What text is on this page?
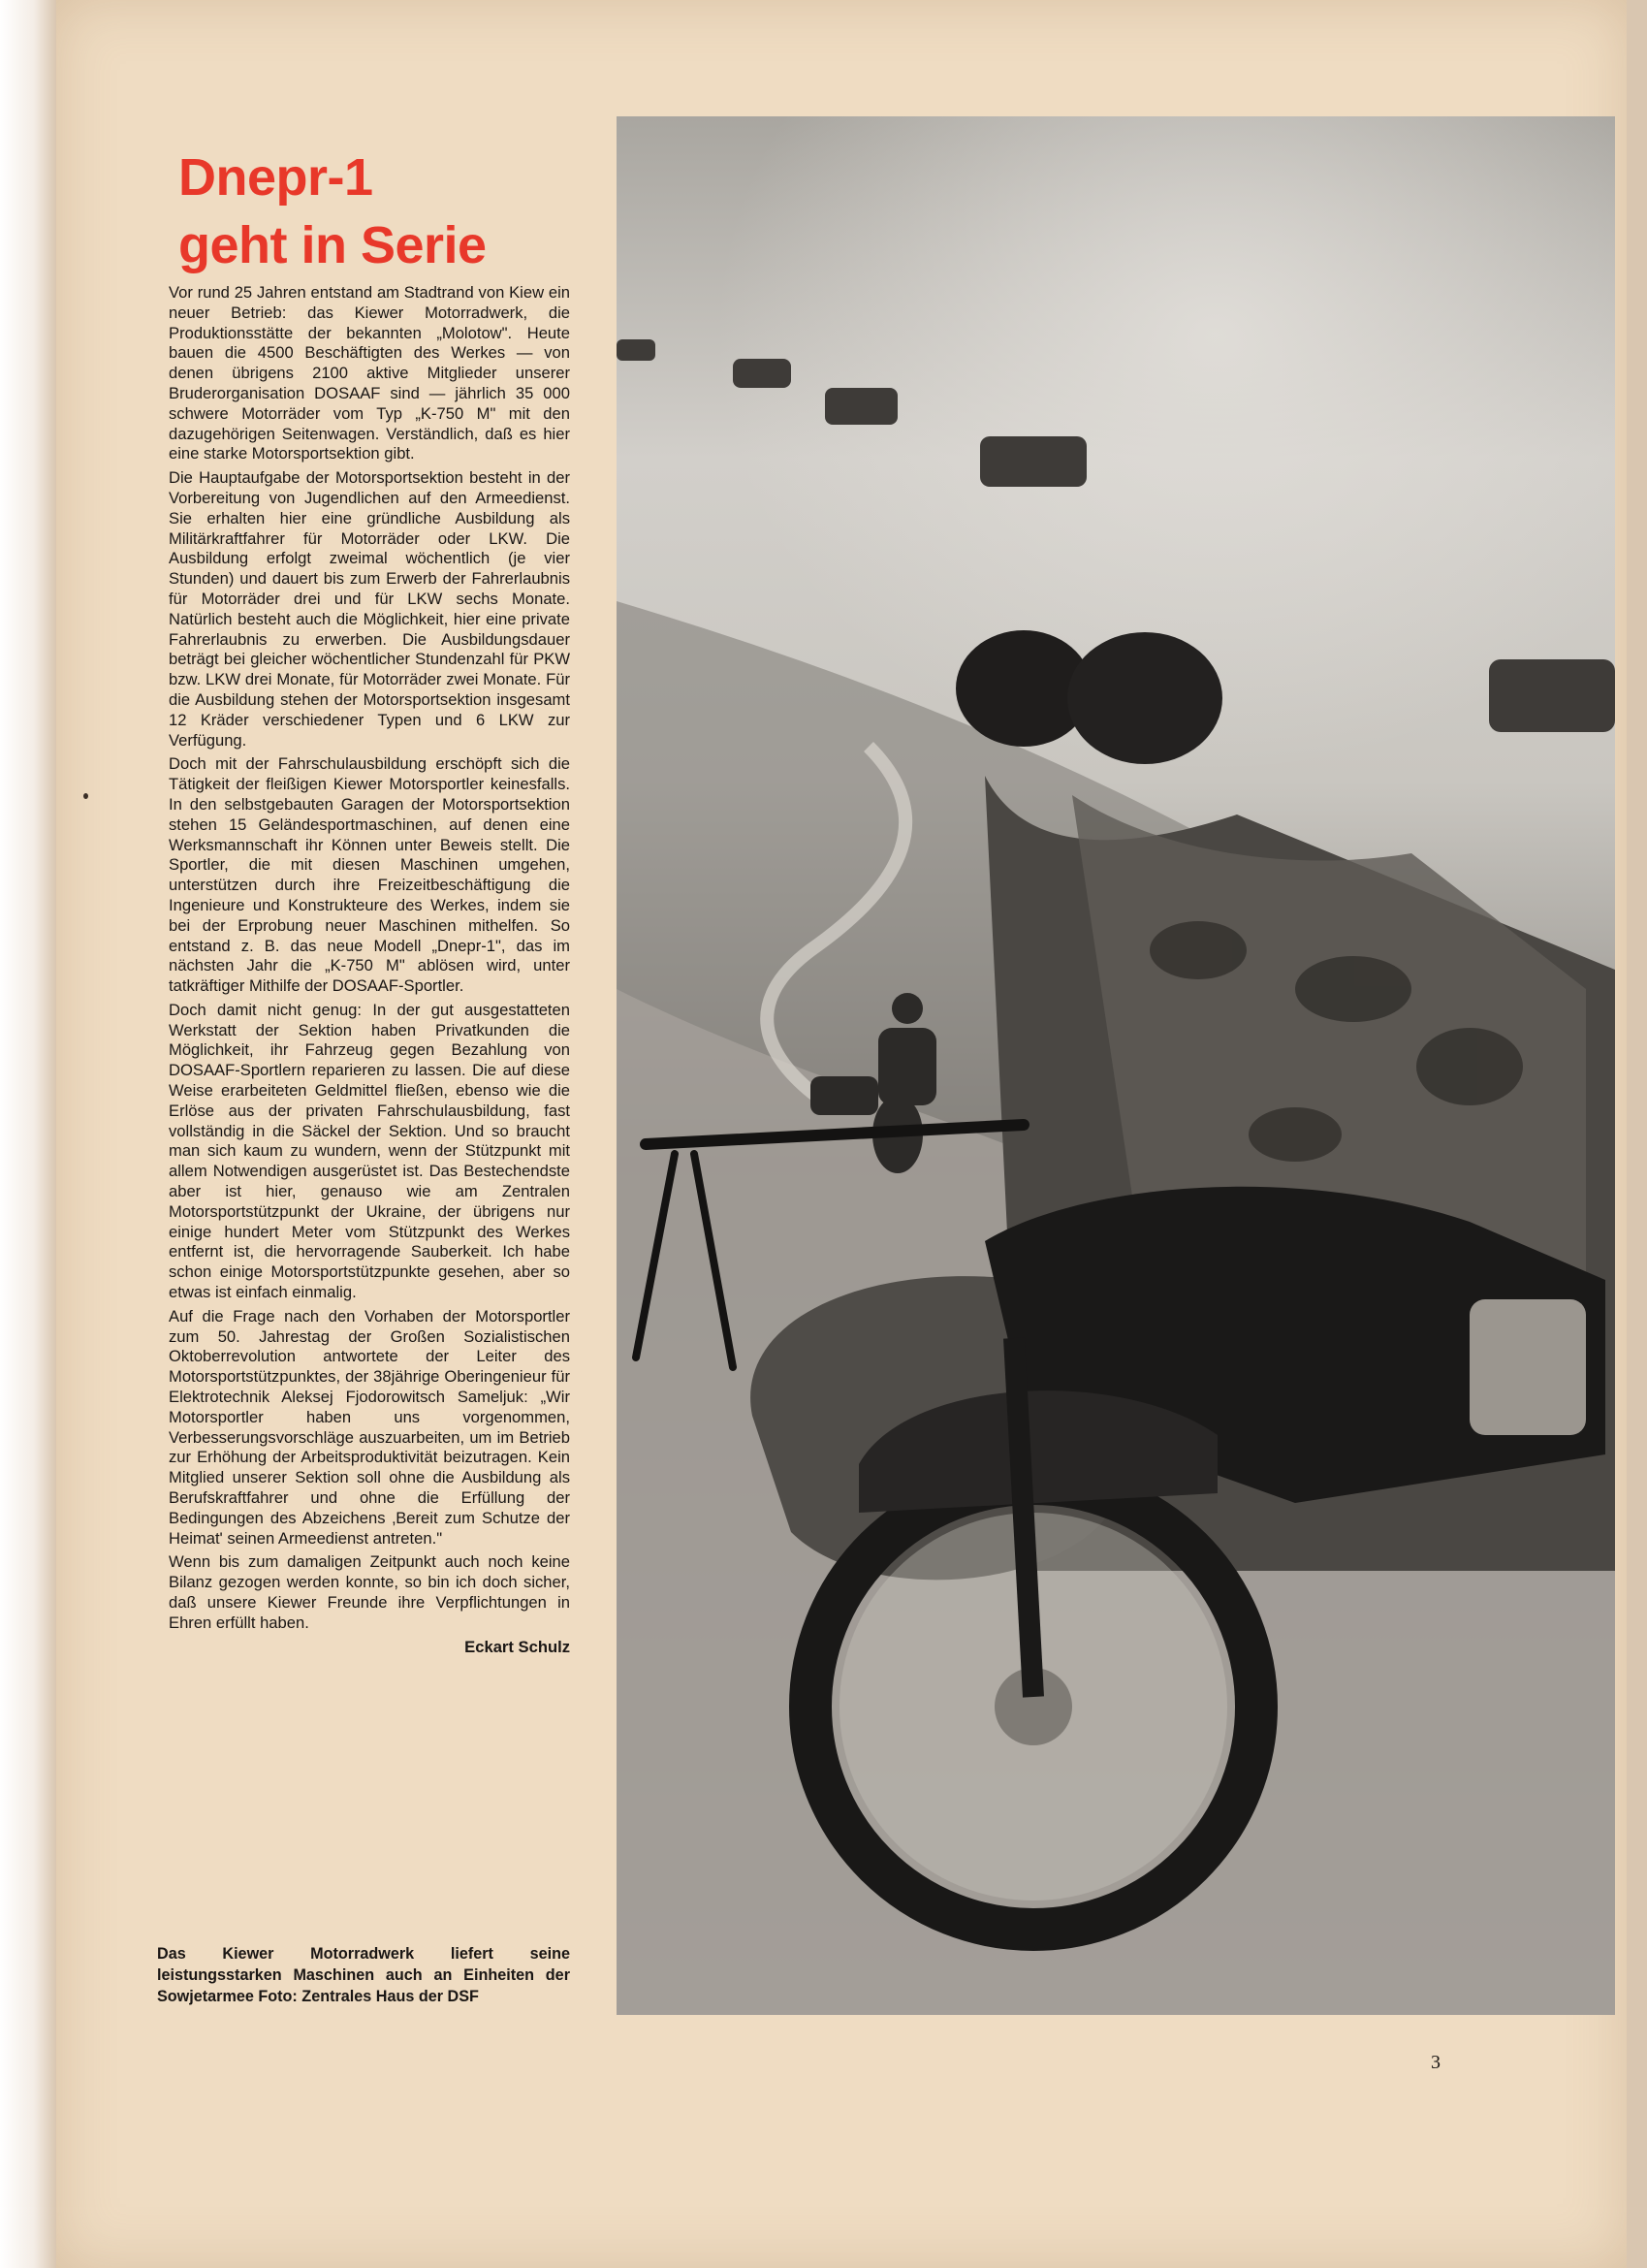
Dnepr-1
geht in Serie

Vor rund 25 Jahren entstand am Stadtrand von Kiew ein neuer Betrieb: das Kiewer Motorradwerk, die Produktionsstätte der bekannten „Molotow". Heute bauen die 4500 Beschäftigten des Werkes — von denen übrigens 2100 aktive Mitglieder unserer Bruderorganisation DOSAAF sind — jährlich 35 000 schwere Motorräder vom Typ „K-750 M" mit den dazugehörigen Seitenwagen. Verständlich, daß es hier eine starke Motorsportsektion gibt.

Die Hauptaufgabe der Motorsportsektion besteht in der Vorbereitung von Jugendlichen auf den Armeedienst. Sie erhalten hier eine gründliche Ausbildung als Militärkraftfahrer für Motorräder oder LKW. Die Ausbildung erfolgt zweimal wöchentlich (je vier Stunden) und dauert bis zum Erwerb der Fahrerlaubnis für Motorräder drei und für LKW sechs Monate. Natürlich besteht auch die Möglichkeit, hier eine private Fahrerlaubnis zu erwerben. Die Ausbildungsdauer beträgt bei gleicher wöchentlicher Stundenzahl für PKW bzw. LKW drei Monate, für Motorräder zwei Monate. Für die Ausbildung stehen der Motorsportsektion insgesamt 12 Kräder verschiedener Typen und 6 LKW zur Verfügung.

Doch mit der Fahrschulausbildung erschöpft sich die Tätigkeit der fleißigen Kiewer Motorsportler keinesfalls. In den selbstgebauten Garagen der Motorsportsektion stehen 15 Geländesportmaschinen, auf denen eine Werksmannschaft ihr Können unter Beweis stellt. Die Sportler, die mit diesen Maschinen umgehen, unterstützen durch ihre Freizeitbeschäftigung die Ingenieure und Konstrukteure des Werkes, indem sie bei der Erprobung neuer Maschinen mithelfen. So entstand z. B. das neue Modell „Dnepr-1", das im nächsten Jahr die „K-750 M" ablösen wird, unter tatkräftiger Mithilfe der DOSAAF-Sportler.

Doch damit nicht genug: In der gut ausgestatteten Werkstatt der Sektion haben Privatkunden die Möglichkeit, ihr Fahrzeug gegen Bezahlung von DOSAAF-Sportlern reparieren zu lassen. Die auf diese Weise erarbeiteten Geldmittel fließen, ebenso wie die Erlöse aus der privaten Fahrschulausbildung, fast vollständig in die Säckel der Sektion. Und so braucht man sich kaum zu wundern, wenn der Stützpunkt mit allem Notwendigen ausgerüstet ist. Das Bestechendste aber ist hier, genauso wie am Zentralen Motorsportstützpunkt der Ukraine, der übrigens nur einige hundert Meter vom Stützpunkt des Werkes entfernt ist, die hervorragende Sauberkeit. Ich habe schon einige Motorsportstützpunkte gesehen, aber so etwas ist einfach einmalig.

Auf die Frage nach den Vorhaben der Motorsportler zum 50. Jahrestag der Großen Sozialistischen Oktoberrevolution antwortete der Leiter des Motorsportstützpunktes, der 38jährige Oberingenieur für Elektrotechnik Aleksej Fjodorowitsch Sameljuk: „Wir Motorsportler haben uns vorgenommen, Verbesserungsvorschläge auszuarbeiten, um im Betrieb zur Erhöhung der Arbeitsproduktivität beizutragen. Kein Mitglied unserer Sektion soll ohne die Ausbildung als Berufskraftfahrer und ohne die Erfüllung der Bedingungen des Abzeichens ‚Bereit zum Schutze der Heimat' seinen Armeedienst antreten."

Wenn bis zum damaligen Zeitpunkt auch noch keine Bilanz gezogen werden konnte, so bin ich doch sicher, daß unsere Kiewer Freunde ihre Verpflichtungen in Ehren erfüllt haben.

Eckart Schulz

Das Kiewer Motorradwerk liefert seine leistungsstarken Maschinen auch an Einheiten der Sowjetarmee Foto: Zentrales Haus der DSF
3
